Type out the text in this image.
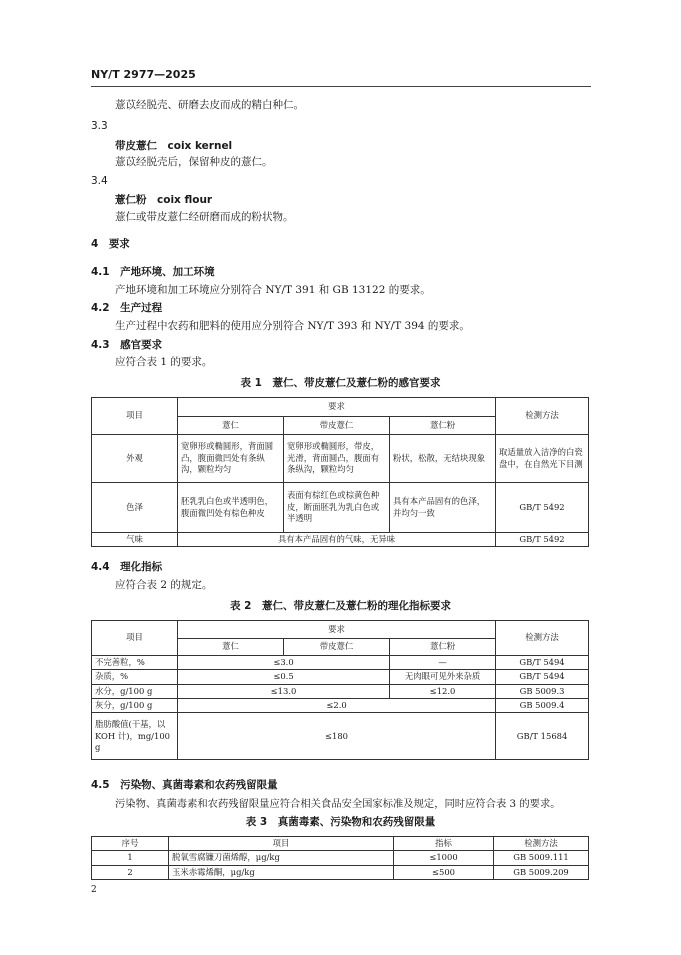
NY/T 2977—2025
薏苡经脱壳、研磨去皮而成的精白种仁。
3.3
带皮薏仁　 coix kernel
薏苡经脱壳后，保留种皮的薏仁。
3.4
薏仁粉　 coix flour
薏仁或带皮薏仁经研磨而成的粉状物。
4　 要求
4.1　 产地环境、加工环境
产地环境和加工环境应分别符合 NY/T 391 和 GB 13122 的要求。
4.2　 生产过程
生产过程中农药和肥料的使用应分别符合 NY/T 393 和 NY/T 394 的要求。
4.3　 感官要求
应符合表 1 的要求。
表 1　薏仁、带皮薏仁及薏仁粉的感官要求
项目	要求			检测方法
	薏仁	带皮薏仁	薏仁粉	
外观	宽卵形或椭圆形，背面圆凸，腹面微凹处有条纵沟，颗粒均匀	宽卵形或椭圆形，带皮，光滑，背面圆凸，腹面有条纵沟，颗粒均匀	粉状，松散，无结块现象	取适量放入洁净的白瓷盘中，在自然光下目测
色泽	胚乳乳白色或半透明色，腹面微凹处有棕色种皮	表面有棕红色或棕黄色种皮，断面胚乳为乳白色或半透明	具有本产品固有的色泽，并均匀一致	GB/T 5492
气味	具有本产品固有的气味，无异味			GB/T 5492
4.4　 理化指标
应符合表 2 的规定。
表 2　薏仁、带皮薏仁及薏仁粉的理化指标要求
项目	要求			检测方法
	薏仁	带皮薏仁	薏仁粉	
不完善粒，%	≤3.0		—	GB/T 5494
杂质，%	≤0.5		无肉眼可见外来杂质	GB/T 5494
水分，g/100 g	≤13.0		≤12.0	GB 5009.3
灰分，g/100 g	≤2.0			GB 5009.4
脂肪酸值(干基，以 KOH 计)，mg/100 g	≤180			GB/T 15684
4.5　 污染物、真菌毒素和农药残留限量
污染物、真菌毒素和农药残留限量应符合相关食品安全国家标准及规定，同时应符合表 3 的要求。
表 3　真菌毒素、污染物和农药残留限量
序号	项目	指标	检测方法
1	脱氧雪腐镰刀菌烯醇，μg/kg	≤1000	GB 5009.111
2	玉米赤霉烯酮，μg/kg	≤500	GB 5009.209
2
